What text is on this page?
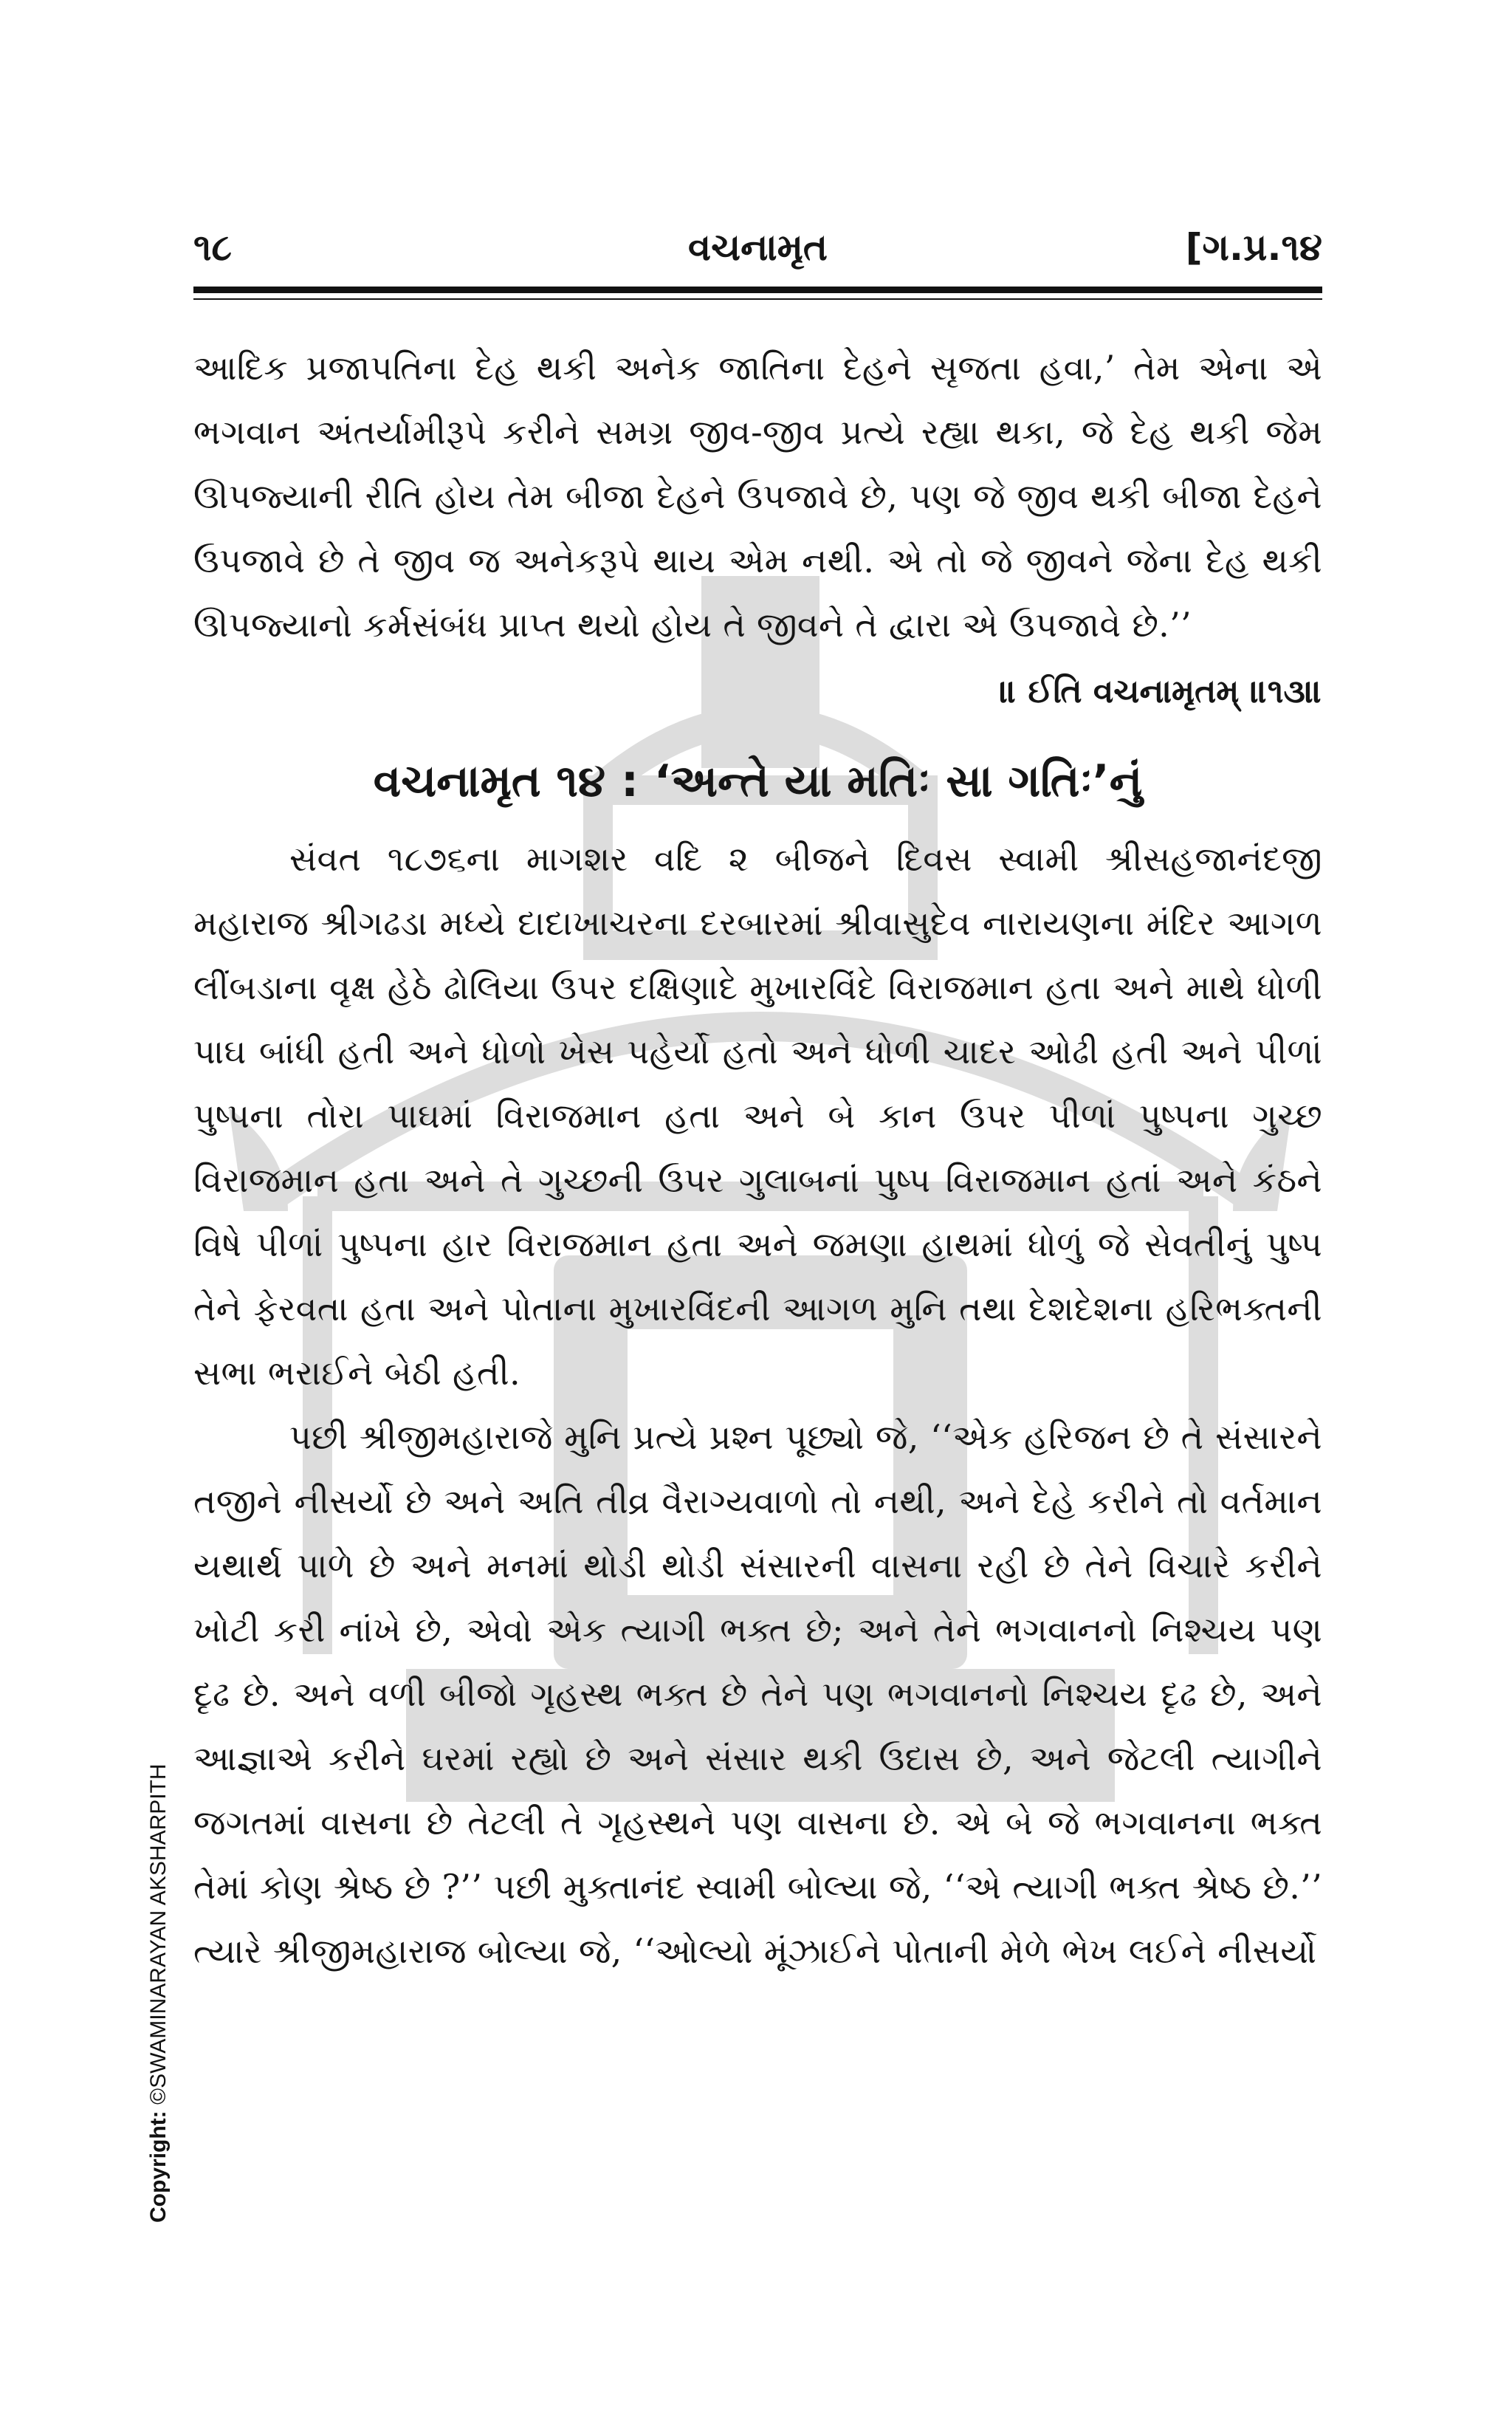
૧૮	વચનામૃત	[ગ.પ્ર.૧૪

આદિક પ્રજાપતિના દેહ થકી અનેક જાતિના દેહને સૃજતા હવા,’ તેમ એના એ ભગવાન અંતર્યામીરૂપે કરીને સમગ્ર જીવ-જીવ પ્રત્યે રહ્યા થકા, જે દેહ થકી જેમ ઊપજ્યાની રીતિ હોય તેમ બીજા દેહને ઉપજાવે છે, પણ જે જીવ થકી બીજા દેહને ઉપજાવે છે તે જીવ જ અનેકરૂપે થાય એમ નથી. એ તો જે જીવને જેના દેહ થકી ઊપજ્યાનો કર્મસંબંધ પ્રાપ્ત થયો હોય તે જીવને તે દ્વારા એ ઉપજાવે છે.’’

॥ ઈતિ વચનામૃતમ્ ॥૧૩॥
વચનામૃત ૧૪ : ‘અન્તે યા મતિઃ સા ગતિઃ’નું

સંવત ૧૮૭૬ના માગશર વદિ ૨ બીજને દિવસ સ્વામી શ્રીસહજાનંદજી મહારાજ શ્રીગઢડા મધ્યે દાદાખાચરના દરબારમાં શ્રીવાસુદેવ નારાયણના મંદિર આગળ લીંબડાના વૃક્ષ હેઠે ઢોલિયા ઉપર દક્ષિણાદે મુખારવિંદે વિરાજમાન હતા અને માથે ધોળી પાઘ બાંધી હતી અને ધોળો ખેસ પહેર્યો હતો અને ધોળી ચાદર ઓઢી હતી અને પીળાં પુષ્પના તોરા પાઘમાં વિરાજમાન હતા અને બે કાન ઉપર પીળાં પુષ્પના ગુચ્છ વિરાજમાન હતા અને તે ગુચ્છની ઉપર ગુલાબનાં પુષ્પ વિરાજમાન હતાં અને કંઠને વિષે પીળાં પુષ્પના હાર વિરાજમાન હતા અને જમણા હાથમાં ધોળું જે સેવતીનું પુષ્પ તેને ફેરવતા હતા અને પોતાના મુખારવિંદની આગળ મુનિ તથા દેશદેશના હરિભક્તની સભા ભરાઈને બેઠી હતી.

પછી શ્રીજીમહારાજે મુનિ પ્રત્યે પ્રશ્ન પૂછ્યો જે, ‘‘એક હરિજન છે તે સંસારને તજીને નીસર્યો છે અને અતિ તીવ્ર વૈરાગ્યવાળો તો નથી, અને દેહે કરીને તો વર્તમાન યથાર્થ પાળે છે અને મનમાં થોડી થોડી સંસારની વાસના રહી છે તેને વિચારે કરીને ખોટી કરી નાંખે છે, એવો એક ત્યાગી ભક્ત છે; અને તેને ભગવાનનો નિશ્ચય પણ દૃઢ છે. અને વળી બીજો ગૃહસ્થ ભક્ત છે તેને પણ ભગવાનનો નિશ્ચય દૃઢ છે, અને આજ્ઞાએ કરીને ઘરમાં રહ્યો છે અને સંસાર થકી ઉદાસ છે, અને જેટલી ત્યાગીને જગતમાં વાસના છે તેટલી તે ગૃહસ્થને પણ વાસના છે. એ બે જે ભગવાનના ભક્ત તેમાં કોણ શ્રેષ્ઠ છે ?’’ પછી મુક્તાનંદ સ્વામી બોલ્યા જે, ‘‘એ ત્યાગી ભક્ત શ્રેષ્ઠ છે.’’ ત્યારે શ્રીજીમહારાજ બોલ્યા જે, ‘‘ઓલ્યો મૂંઝાઈને પોતાની મેળે ભેખ લઈને નીસર્યો

Copyright: ©SWAMINARAYAN AKSHARPITH
